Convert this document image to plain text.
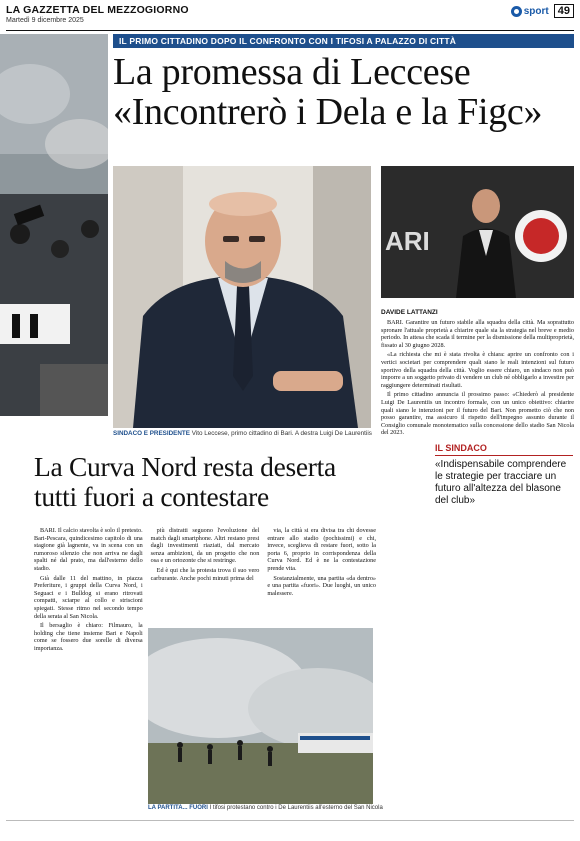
LA GAZZETTA DEL MEZZOGIORNO
Martedì 9 dicembre 2025
sport 49
IL PRIMO CITTADINO DOPO IL CONFRONTO CON I TIFOSI A PALAZZO DI CITTÀ
La promessa di Leccese
«Incontrerò i Dela e la Figc»
SINDACO E PRESIDENTE Vito Leccese, primo cittadino di Bari. A destra Luigi De Laurentiis
ARI
DAVIDE LATTANZI

BARI. Garantire un futuro stabile alla squadra della città. Ma soprattutto spronare l'attuale proprietà a chiarire quale sia la strategia nel breve e medio periodo. In attesa che scada il termine per la dismissione della multiproprietà, fissato al 30 giugno 2028.

«La richiesta che mi è stata rivolta è chiara: aprire un confronto con i vertici societari per comprendere quali siano le reali intenzioni sul futuro sportivo della squadra della città. Voglio essere chiaro, un sindaco non può imporre a un soggetto privato di vendere un club né obbligarlo a investire per raggiungere determinati risultati.

Il primo cittadino annuncia il prossimo passo: «Chiederò al presidente Luigi De Laurentiis un incontro formale, con un unico obiettivo: chiarire quali siano le intenzioni per il futuro del Bari. Non prometto ciò che non posso garantire, ma assicuro il rispetto dell'impegno assunto durante il Consiglio comunale monotematico sulla concessione dello stadio San Nicola del 2023.

IL SINDACO
«Indispensabile comprendere le strategie per tracciare un futuro all'altezza del blasone del club»
La Curva Nord resta deserta
tutti fuori a contestare

BARI. Il calcio stavolta è solo il pretesto. Bari-Pescara, quindicesimo capitolo di una stagione già lagnente, va in scena con un rumoroso silenzio che non arriva ne dagli spalti né dal prato, ma dall'esterno dello stadio.

Già dalle 11 del mattino, in piazza Preferiture, i gruppi della Curva Nord, i Seguaci e i Bulldog si erano ritrovati compatti, sciarpe al collo e striscioni spiegati. Stesse ritmo nel secondo tempo della serata al San Nicola.

Il bersaglio è chiaro: Filmauro, la holding che tiene insieme Bari e Napoli come se fossero due sorelle di diversa importanza.

più distratti seguono l'evoluzione del match dagli smartphone. Altri restano presi dagli investimenti riaziati, dal mercato senza ambizioni, da un progetto che non osa e un ortozonte che si restringe.

Ed è qui che la protesta trova il suo vero carburante. Anche pochi minuti prima del

via, la città si era divisa tra chi dovesse entrare allo stadio (pochissimi) e chi, invece, sceglieva di restare fuori, sotto la porta 6, proprio in corrispondenza della Curva Nord. Ed è ne la contestazione prende vita.

Sostanzialmente, una partita «da dentro» e una partita «fuori». Due luoghi, un unico malessere.

LA PARTITA... FUORI I tifosi protestano contro i De Laurentiis all'esterno del San Nicola
